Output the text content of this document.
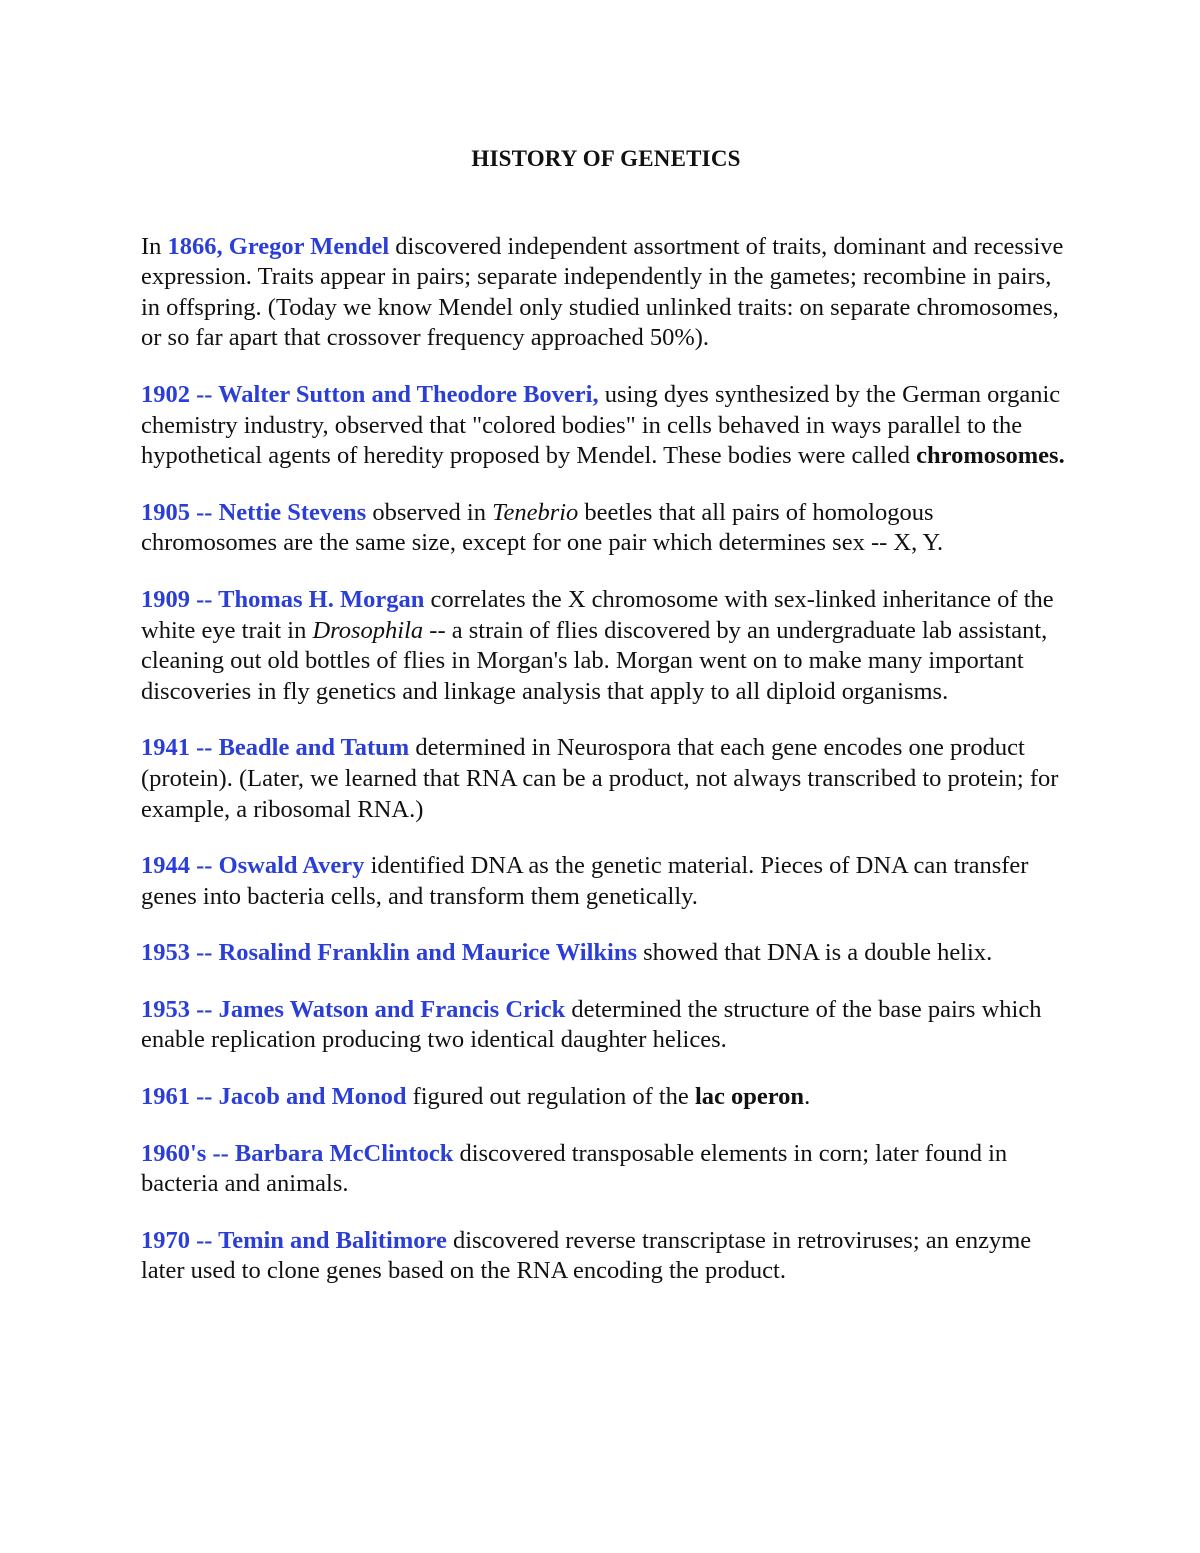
HISTORY OF GENETICS

In 1866, Gregor Mendel discovered independent assortment of traits, dominant and recessive expression. Traits appear in pairs; separate independently in the gametes; recombine in pairs, in offspring. (Today we know Mendel only studied unlinked traits: on separate chromosomes, or so far apart that crossover frequency approached 50%).

1902 -- Walter Sutton and Theodore Boveri, using dyes synthesized by the German organic chemistry industry, observed that "colored bodies" in cells behaved in ways parallel to the hypothetical agents of heredity proposed by Mendel. These bodies were called chromosomes.

1905 -- Nettie Stevens observed in Tenebrio beetles that all pairs of homologous chromosomes are the same size, except for one pair which determines sex -- X, Y.

1909 -- Thomas H. Morgan correlates the X chromosome with sex-linked inheritance of the white eye trait in Drosophila -- a strain of flies discovered by an undergraduate lab assistant, cleaning out old bottles of flies in Morgan's lab. Morgan went on to make many important discoveries in fly genetics and linkage analysis that apply to all diploid organisms.

1941 -- Beadle and Tatum determined in Neurospora that each gene encodes one product (protein). (Later, we learned that RNA can be a product, not always transcribed to protein; for example, a ribosomal RNA.)

1944 -- Oswald Avery identified DNA as the genetic material. Pieces of DNA can transfer genes into bacteria cells, and transform them genetically.

1953 -- Rosalind Franklin and Maurice Wilkins showed that DNA is a double helix.

1953 -- James Watson and Francis Crick determined the structure of the base pairs which enable replication producing two identical daughter helices.

1961 -- Jacob and Monod figured out regulation of the lac operon.

1960's -- Barbara McClintock discovered transposable elements in corn; later found in bacteria and animals.

1970 -- Temin and Balitimore discovered reverse transcriptase in retroviruses; an enzyme later used to clone genes based on the RNA encoding the product.
